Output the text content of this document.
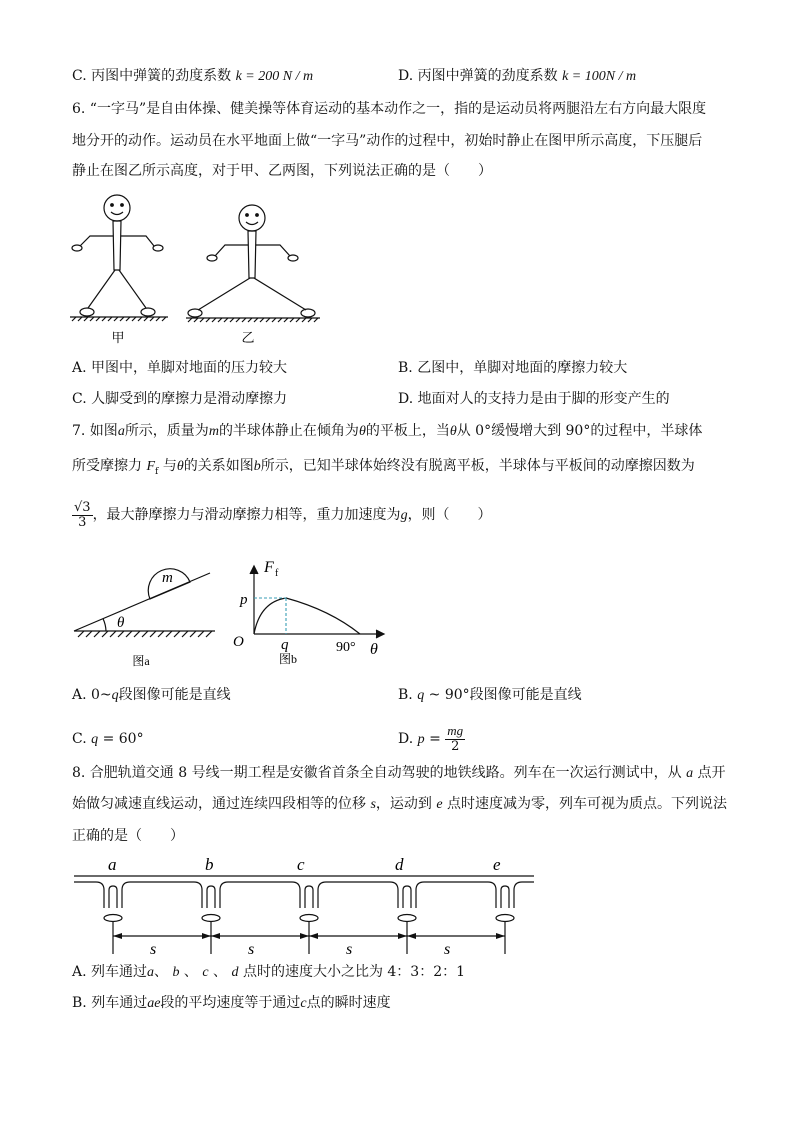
C. 丙图中弹簧的劲度系数 k = 200 N / m	D. 丙图中弹簧的劲度系数 k = 100N / m
6. “一字马”是自由体操、健美操等体育运动的基本动作之一，指的是运动员将两腿沿左右方向最大限度
地分开的动作。运动员在水平地面上做“一字马”动作的过程中，初始时静止在图甲所示高度，下压腿后
静止在图乙所示高度，对于甲、乙两图，下列说法正确的是（　　）
甲	乙
A. 甲图中，单脚对地面的压力较大	B. 乙图中，单脚对地面的摩擦力较大
C. 人脚受到的摩擦力是滑动摩擦力	D. 地面对人的支持力是由于脚的形变产生的
7. 如图a所示，质量为m的半球体静止在倾角为θ的平板上，当θ从 0°缓慢增大到 90°的过程中，半球体
所受摩擦力 $F_f$ 与θ的关系如图b所示，已知半球体始终没有脱离平板，半球体与平板间的动摩擦因数为
$\frac{√3}{3}$ ，最大静摩擦力与滑动摩擦力相等，重力加速度为g，则（　　）
m
θ
图a
F f
p
O q	90° θ
图b
A. 0~q段图像可能是直线	B. q ~ 90°段图像可能是直线
C. q = 60°	D. $p = \frac{mg}{2}$
8. 合肥轨道交通 8 号线一期工程是安徽省首条全自动驾驶的地铁线路。列车在一次运行测试中，从 a 点开
始做匀减速直线运动，通过连续四段相等的位移 s，运动到 e 点时速度减为零，列车可视为质点。下列说法
正确的是（　　）
a	b	c	d	e
s	s	s	s
A. 列车通过a、 b 、 c 、 d 点时的速度大小之比为 4：3：2：1
B. 列车通过ae段的平均速度等于通过c点的瞬时速度
